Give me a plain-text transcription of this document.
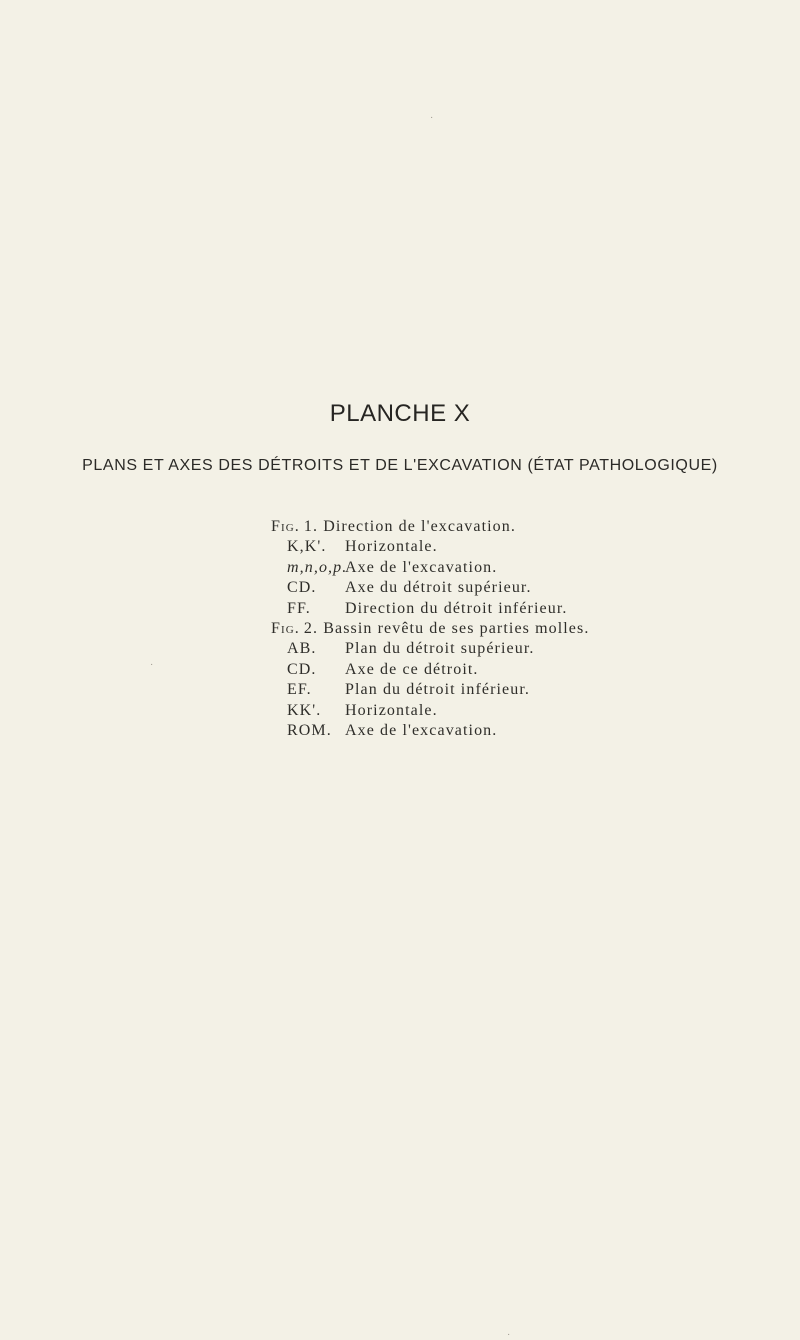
PLANCHE X
PLANS ET AXES DES DÉTROITS ET DE L'EXCAVATION (ÉTAT PATHOLOGIQUE)
Fig. 1. Direction de l'excavation.
K,K'. Horizontale.
m,n,o,p.Axe de l'excavation.
CD. Axe du détroit supérieur.
FF. Direction du détroit inférieur.
Fig. 2. Bassin revêtu de ses parties molles.
AB. Plan du détroit supérieur.
CD. Axe de ce détroit.
EF. Plan du détroit inférieur.
KK'. Horizontale.
ROM. Axe de l'excavation.
·
·
·
